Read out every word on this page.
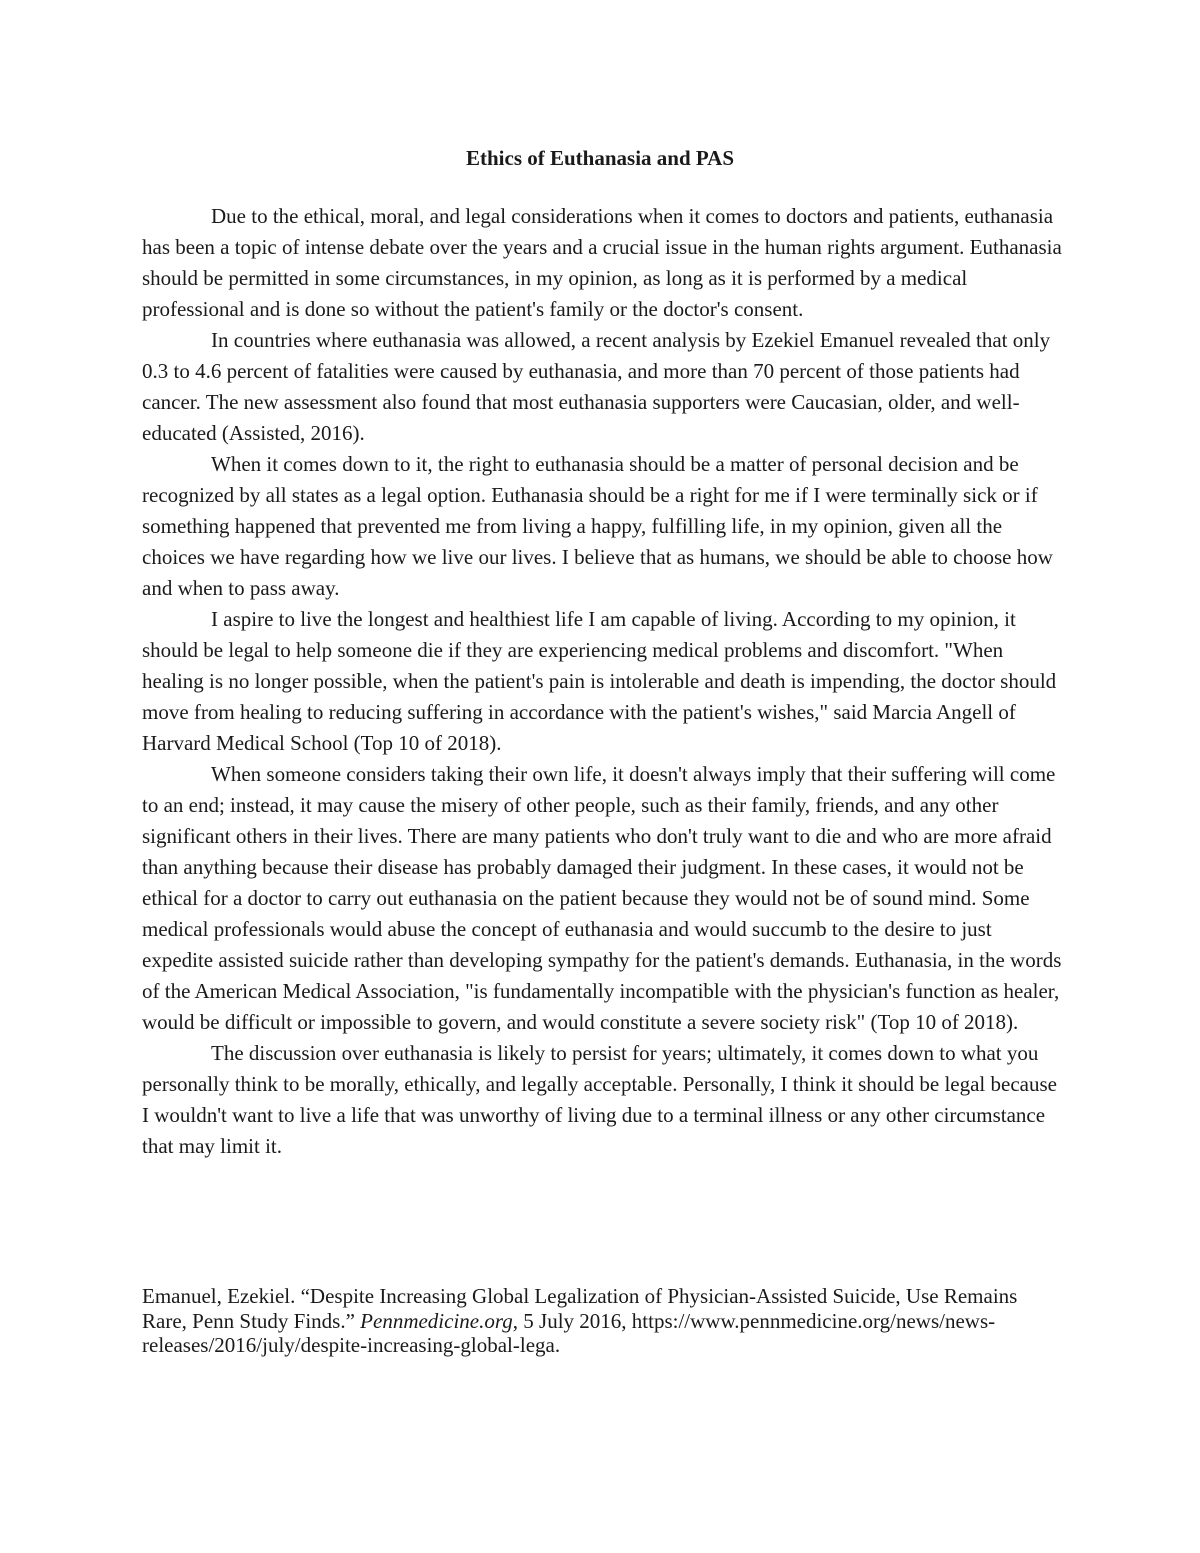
Ethics of Euthanasia and PAS

Due to the ethical, moral, and legal considerations when it comes to doctors and patients, euthanasia has been a topic of intense debate over the years and a crucial issue in the human rights argument. Euthanasia should be permitted in some circumstances, in my opinion, as long as it is performed by a medical professional and is done so without the patient's family or the doctor's consent.

In countries where euthanasia was allowed, a recent analysis by Ezekiel Emanuel revealed that only 0.3 to 4.6 percent of fatalities were caused by euthanasia, and more than 70 percent of those patients had cancer. The new assessment also found that most euthanasia supporters were Caucasian, older, and well-educated (Assisted, 2016).

When it comes down to it, the right to euthanasia should be a matter of personal decision and be recognized by all states as a legal option. Euthanasia should be a right for me if I were terminally sick or if something happened that prevented me from living a happy, fulfilling life, in my opinion, given all the choices we have regarding how we live our lives. I believe that as humans, we should be able to choose how and when to pass away.

I aspire to live the longest and healthiest life I am capable of living. According to my opinion, it should be legal to help someone die if they are experiencing medical problems and discomfort. "When healing is no longer possible, when the patient's pain is intolerable and death is impending, the doctor should move from healing to reducing suffering in accordance with the patient's wishes," said Marcia Angell of Harvard Medical School (Top 10 of 2018).

When someone considers taking their own life, it doesn't always imply that their suffering will come to an end; instead, it may cause the misery of other people, such as their family, friends, and any other significant others in their lives. There are many patients who don't truly want to die and who are more afraid than anything because their disease has probably damaged their judgment. In these cases, it would not be ethical for a doctor to carry out euthanasia on the patient because they would not be of sound mind. Some medical professionals would abuse the concept of euthanasia and would succumb to the desire to just expedite assisted suicide rather than developing sympathy for the patient's demands. Euthanasia, in the words of the American Medical Association, "is fundamentally incompatible with the physician's function as healer, would be difficult or impossible to govern, and would constitute a severe society risk" (Top 10 of 2018).

The discussion over euthanasia is likely to persist for years; ultimately, it comes down to what you personally think to be morally, ethically, and legally acceptable. Personally, I think it should be legal because I wouldn't want to live a life that was unworthy of living due to a terminal illness or any other circumstance that may limit it.

Emanuel, Ezekiel. “Despite Increasing Global Legalization of Physician-Assisted Suicide, Use Remains Rare, Penn Study Finds.” Pennmedicine.org, 5 July 2016, https://www.pennmedicine.org/news/news-releases/2016/july/despite-increasing-global-lega.
